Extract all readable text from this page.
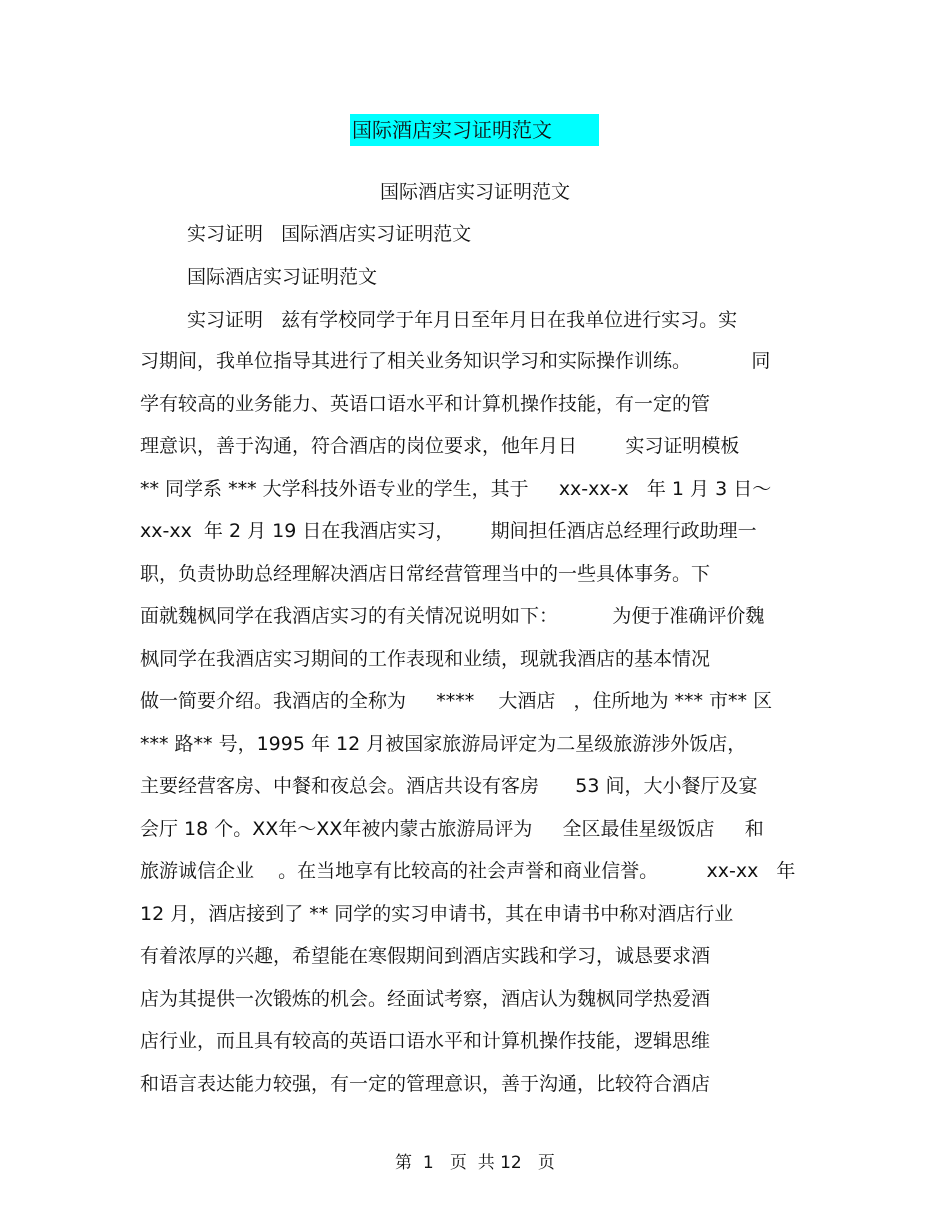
国际酒店实习证明范文
国际酒店实习证明范文
实习证明   国际酒店实习证明范文
国际酒店实习证明范文
实习证明   兹有学校同学于年月日至年月日在我单位进行实习。实
习期间，我单位指导其进行了相关业务知识学习和实际操作训练。          同
学有较高的业务能力、英语口语水平和计算机操作技能，有一定的管
理意识，善于沟通，符合酒店的岗位要求，他年月日        实习证明模板
** 同学系 *** 大学科技外语专业的学生，其于     xx-xx-x   年 1 月 3 日～
xx-xx  年 2 月 19 日在我酒店实习，      期间担任酒店总经理行政助理一
职，负责协助总经理解决酒店日常经营管理当中的一些具体事务。下
面就魏枫同学在我酒店实习的有关情况说明如下：         为便于准确评价魏
枫同学在我酒店实习期间的工作表现和业绩，现就我酒店的基本情况
做一简要介绍。我酒店的全称为     ****    大酒店   ，住所地为 *** 市** 区
*** 路** 号，1995 年 12 月被国家旅游局评定为二星级旅游涉外饭店，
主要经营客房、中餐和夜总会。酒店共设有客房      53 间，大小餐厅及宴
会厅 18 个。XX年～XX年被内蒙古旅游局评为     全区最佳星级饭店     和
旅游诚信企业    。在当地享有比较高的社会声誉和商业信誉。        xx-xx   年
12 月，酒店接到了 ** 同学的实习申请书，其在申请书中称对酒店行业
有着浓厚的兴趣，希望能在寒假期间到酒店实践和学习，诚恳要求酒
店为其提供一次锻炼的机会。经面试考察，酒店认为魏枫同学热爱酒
店行业，而且具有较高的英语口语水平和计算机操作技能，逻辑思维
和语言表达能力较强，有一定的管理意识，善于沟通，比较符合酒店
第  1   页  共 12   页
